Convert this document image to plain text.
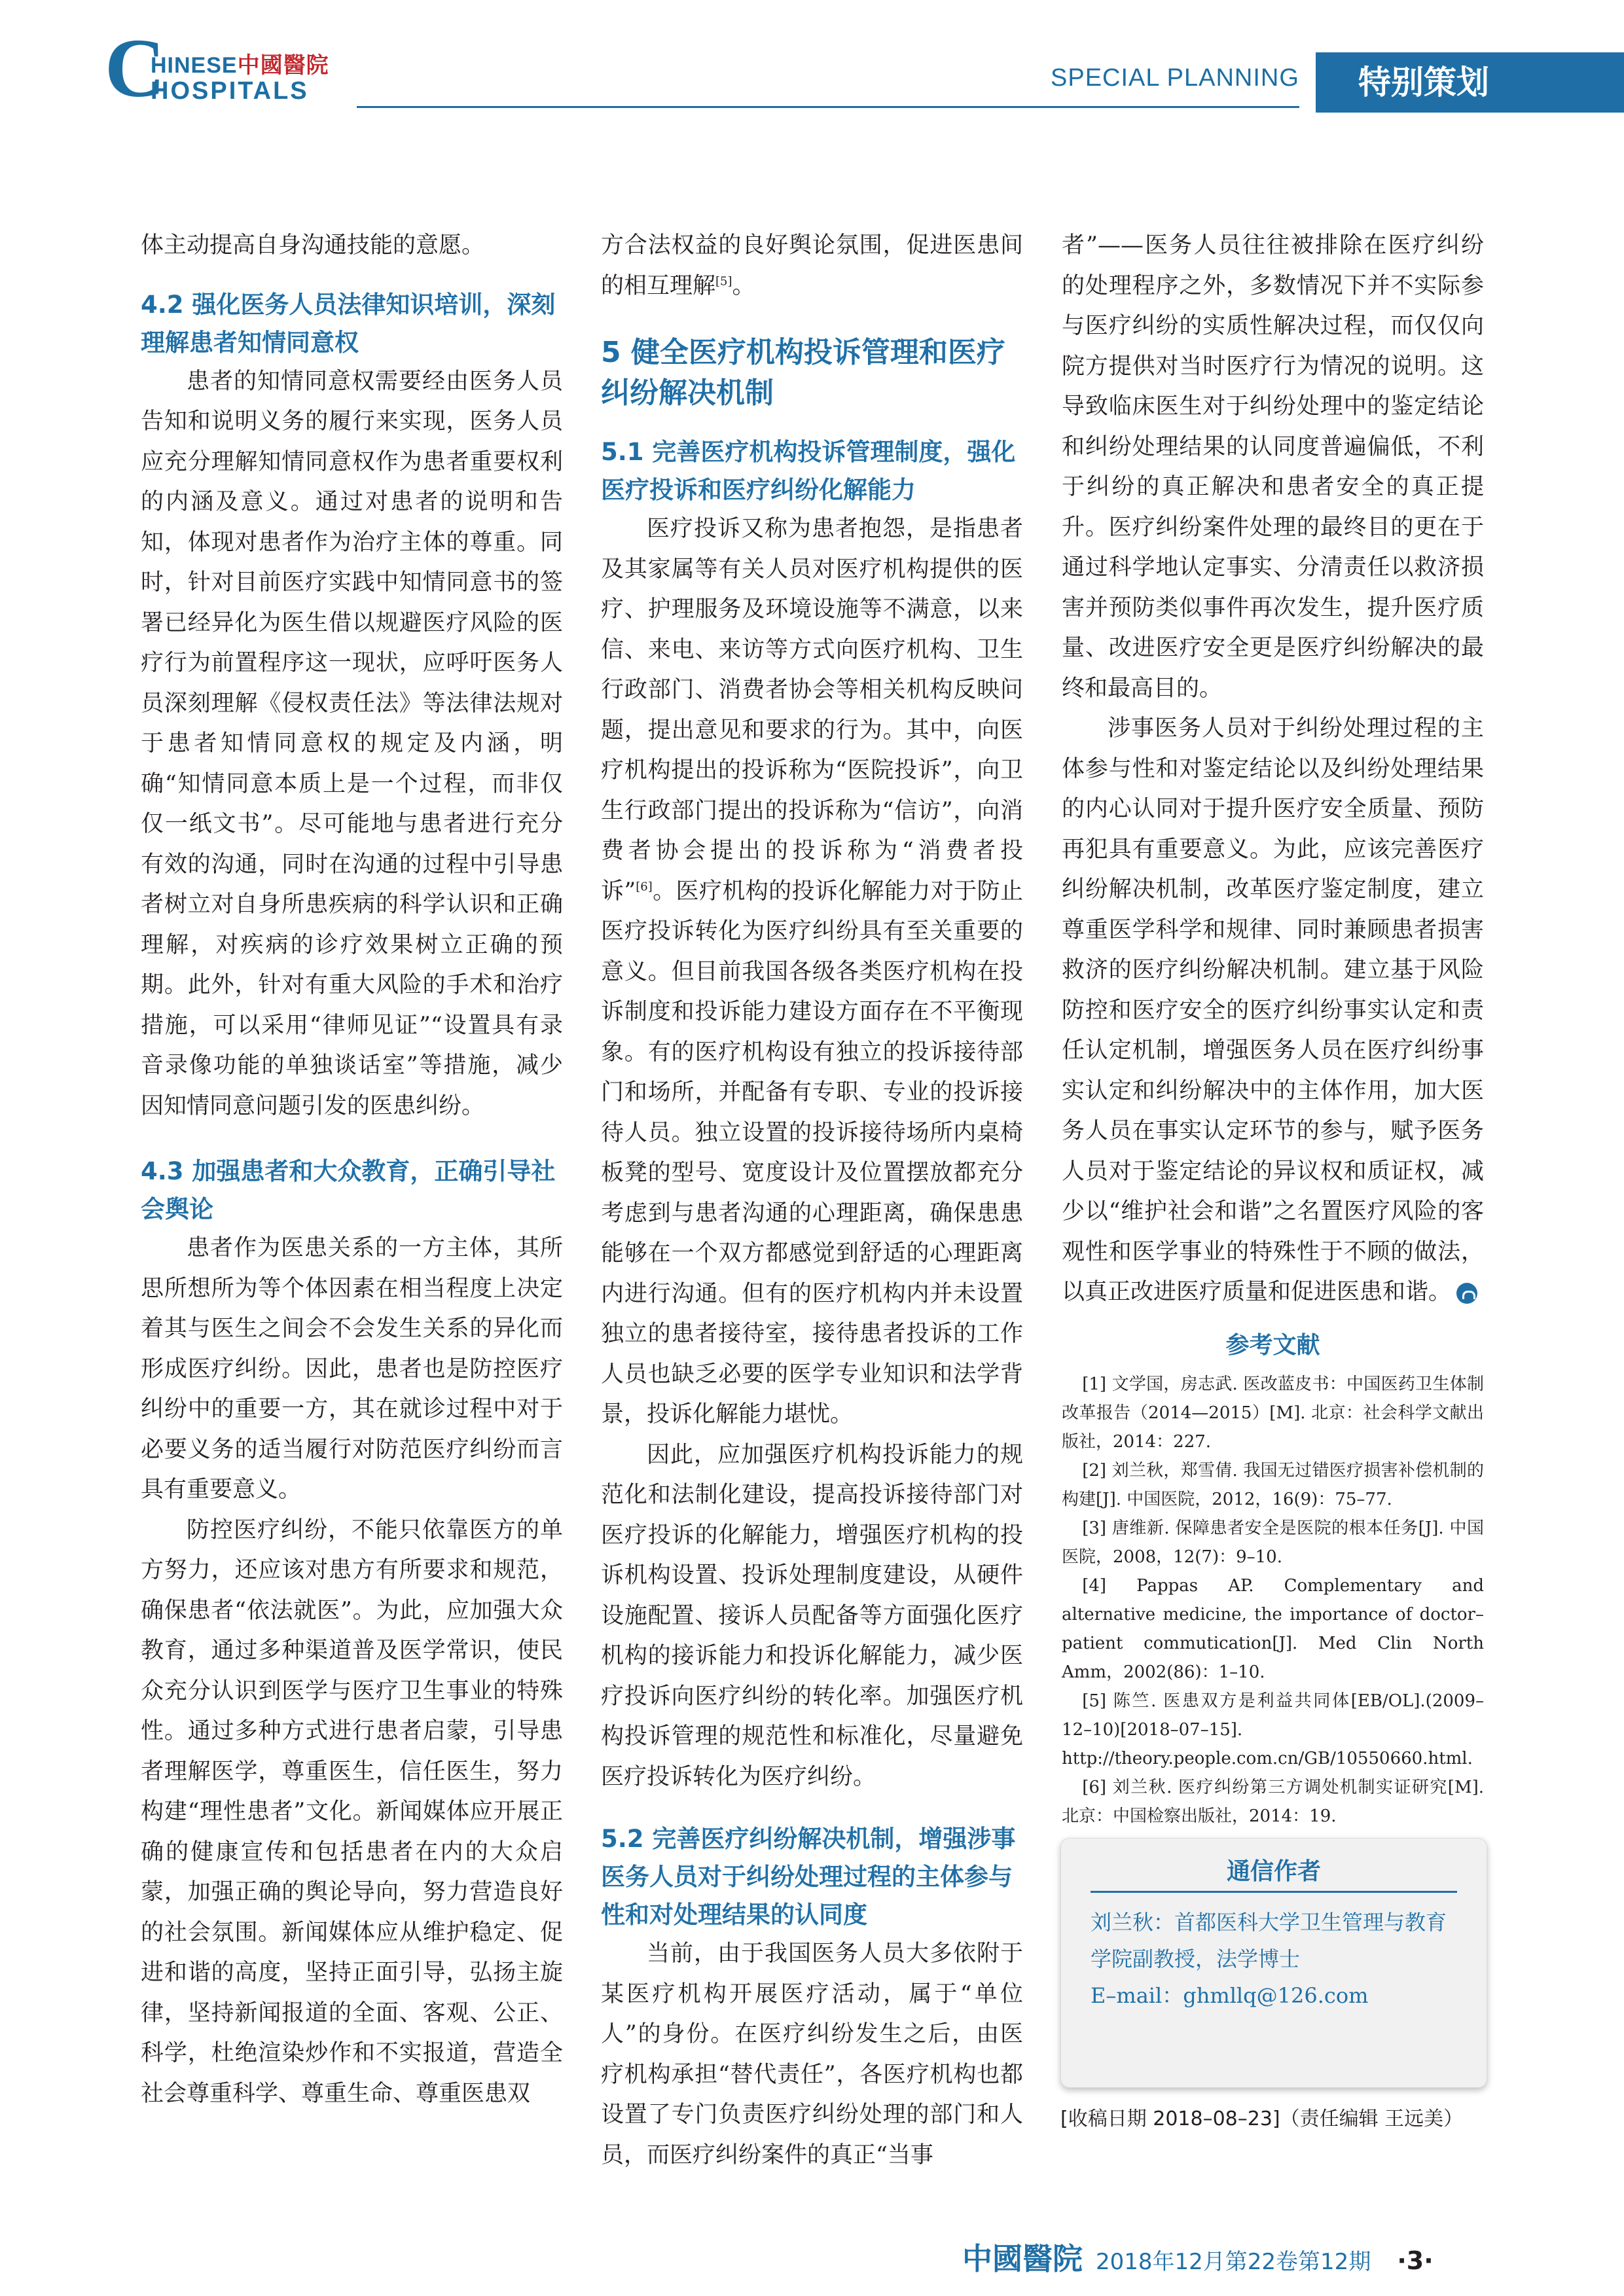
C
HINESE中國醫院
HOSPITALS	SPECIAL PLANNING	特别策划

体主动提高自身沟通技能的意愿。

4.2 强化医务人员法律知识培训，深刻理解患者知情同意权

患者的知情同意权需要经由医务人员告知和说明义务的履行来实现，医务人员应充分理解知情同意权作为患者重要权利的内涵及意义。通过对患者的说明和告知，体现对患者作为治疗主体的尊重。同时，针对目前医疗实践中知情同意书的签署已经异化为医生借以规避医疗风险的医疗行为前置程序这一现状，应呼吁医务人员深刻理解《侵权责任法》等法律法规对于患者知情同意权的规定及内涵，明确“知情同意本质上是一个过程，而非仅仅一纸文书”。尽可能地与患者进行充分有效的沟通，同时在沟通的过程中引导患者树立对自身所患疾病的科学认识和正确理解，对疾病的诊疗效果树立正确的预期。此外，针对有重大风险的手术和治疗措施，可以采用“律师见证”“设置具有录音录像功能的单独谈话室”等措施，减少因知情同意问题引发的医患纠纷。

4.3 加强患者和大众教育，正确引导社会舆论

患者作为医患关系的一方主体，其所思所想所为等个体因素在相当程度上决定着其与医生之间会不会发生关系的异化而形成医疗纠纷。因此，患者也是防控医疗纠纷中的重要一方，其在就诊过程中对于必要义务的适当履行对防范医疗纠纷而言具有重要意义。

防控医疗纠纷，不能只依靠医方的单方努力，还应该对患方有所要求和规范，确保患者“依法就医”。为此，应加强大众教育，通过多种渠道普及医学常识，使民众充分认识到医学与医疗卫生事业的特殊性。通过多种方式进行患者启蒙，引导患者理解医学，尊重医生，信任医生，努力构建“理性患者”文化。新闻媒体应开展正确的健康宣传和包括患者在内的大众启蒙，加强正确的舆论导向，努力营造良好的社会氛围。新闻媒体应从维护稳定、促进和谐的高度，坚持正面引导，弘扬主旋律，坚持新闻报道的全面、客观、公正、科学，杜绝渲染炒作和不实报道，营造全社会尊重科学、尊重生命、尊重医患双

方合法权益的良好舆论氛围，促进医患间的相互理解[5]。

5 健全医疗机构投诉管理和医疗纠纷解决机制
5.1 完善医疗机构投诉管理制度，强化医疗投诉和医疗纠纷化解能力

医疗投诉又称为患者抱怨，是指患者及其家属等有关人员对医疗机构提供的医疗、护理服务及环境设施等不满意，以来信、来电、来访等方式向医疗机构、卫生行政部门、消费者协会等相关机构反映问题，提出意见和要求的行为。其中，向医疗机构提出的投诉称为“医院投诉”，向卫生行政部门提出的投诉称为“信访”，向消费者协会提出的投诉称为“消费者投诉”[6]。医疗机构的投诉化解能力对于防止医疗投诉转化为医疗纠纷具有至关重要的意义。但目前我国各级各类医疗机构在投诉制度和投诉能力建设方面存在不平衡现象。有的医疗机构设有独立的投诉接待部门和场所，并配备有专职、专业的投诉接待人员。独立设置的投诉接待场所内桌椅板凳的型号、宽度设计及位置摆放都充分考虑到与患者沟通的心理距离，确保患患能够在一个双方都感觉到舒适的心理距离内进行沟通。但有的医疗机构内并未设置独立的患者接待室，接待患者投诉的工作人员也缺乏必要的医学专业知识和法学背景，投诉化解能力堪忧。

因此，应加强医疗机构投诉能力的规范化和法制化建设，提高投诉接待部门对医疗投诉的化解能力，增强医疗机构的投诉机构设置、投诉处理制度建设，从硬件设施配置、接诉人员配备等方面强化医疗机构的接诉能力和投诉化解能力，减少医疗投诉向医疗纠纷的转化率。加强医疗机构投诉管理的规范性和标准化，尽量避免医疗投诉转化为医疗纠纷。

5.2 完善医疗纠纷解决机制，增强涉事医务人员对于纠纷处理过程的主体参与性和对处理结果的认同度

当前，由于我国医务人员大多依附于某医疗机构开展医疗活动，属于“单位人”的身份。在医疗纠纷发生之后，由医疗机构承担“替代责任”，各医疗机构也都设置了专门负责医疗纠纷处理的部门和人员，而医疗纠纷案件的真正“当事

者”——医务人员往往被排除在医疗纠纷的处理程序之外，多数情况下并不实际参与医疗纠纷的实质性解决过程，而仅仅向院方提供对当时医疗行为情况的说明。这导致临床医生对于纠纷处理中的鉴定结论和纠纷处理结果的认同度普遍偏低，不利于纠纷的真正解决和患者安全的真正提升。医疗纠纷案件处理的最终目的更在于通过科学地认定事实、分清责任以救济损害并预防类似事件再次发生，提升医疗质量、改进医疗安全更是医疗纠纷解决的最终和最高目的。

涉事医务人员对于纠纷处理过程的主体参与性和对鉴定结论以及纠纷处理结果的内心认同对于提升医疗安全质量、预防再犯具有重要意义。为此，应该完善医疗纠纷解决机制，改革医疗鉴定制度，建立尊重医学科学和规律、同时兼顾患者损害救济的医疗纠纷解决机制。建立基于风险防控和医疗安全的医疗纠纷事实认定和责任认定机制，增强医务人员在医疗纠纷事实认定和纠纷解决中的主体作用，加大医务人员在事实认定环节的参与，赋予医务人员对于鉴定结论的异议权和质证权，减少以“维护社会和谐”之名置医疗风险的客观性和医学事业的特殊性于不顾的做法，以真正改进医疗质量和促进医患和谐。

参考文献
[1] 文学国，房志武. 医改蓝皮书：中国医药卫生体制改革报告（2014—2015）[M]. 北京：社会科学文献出版社，2014：227.
[2] 刘兰秋，郑雪倩. 我国无过错医疗损害补偿机制的构建[J]. 中国医院，2012，16(9)：75–77.
[3] 唐维新. 保障患者安全是医院的根本任务[J]. 中国医院，2008，12(7)：9–10.
[4] Pappas AP. Complementary and alternative medicine, the importance of doctor–patient commutication[J]. Med Clin North Amm，2002(86)：1–10.
[5] 陈竺. 医患双方是利益共同体[EB/OL].(2009–12–10)[2018–07–15]. http://theory.people.com.cn/GB/10550660.html.
[6] 刘兰秋. 医疗纠纷第三方调处机制实证研究[M]. 北京：中国检察出版社，2014：19.
通信作者
刘兰秋：首都医科大学卫生管理与教育学院副教授，法学博士
E–mail：ghmllq@126.com
[收稿日期 2018–08–23]（责任编辑 王远美）
中國醫院 2018年12月第22卷第12期 ·3·
